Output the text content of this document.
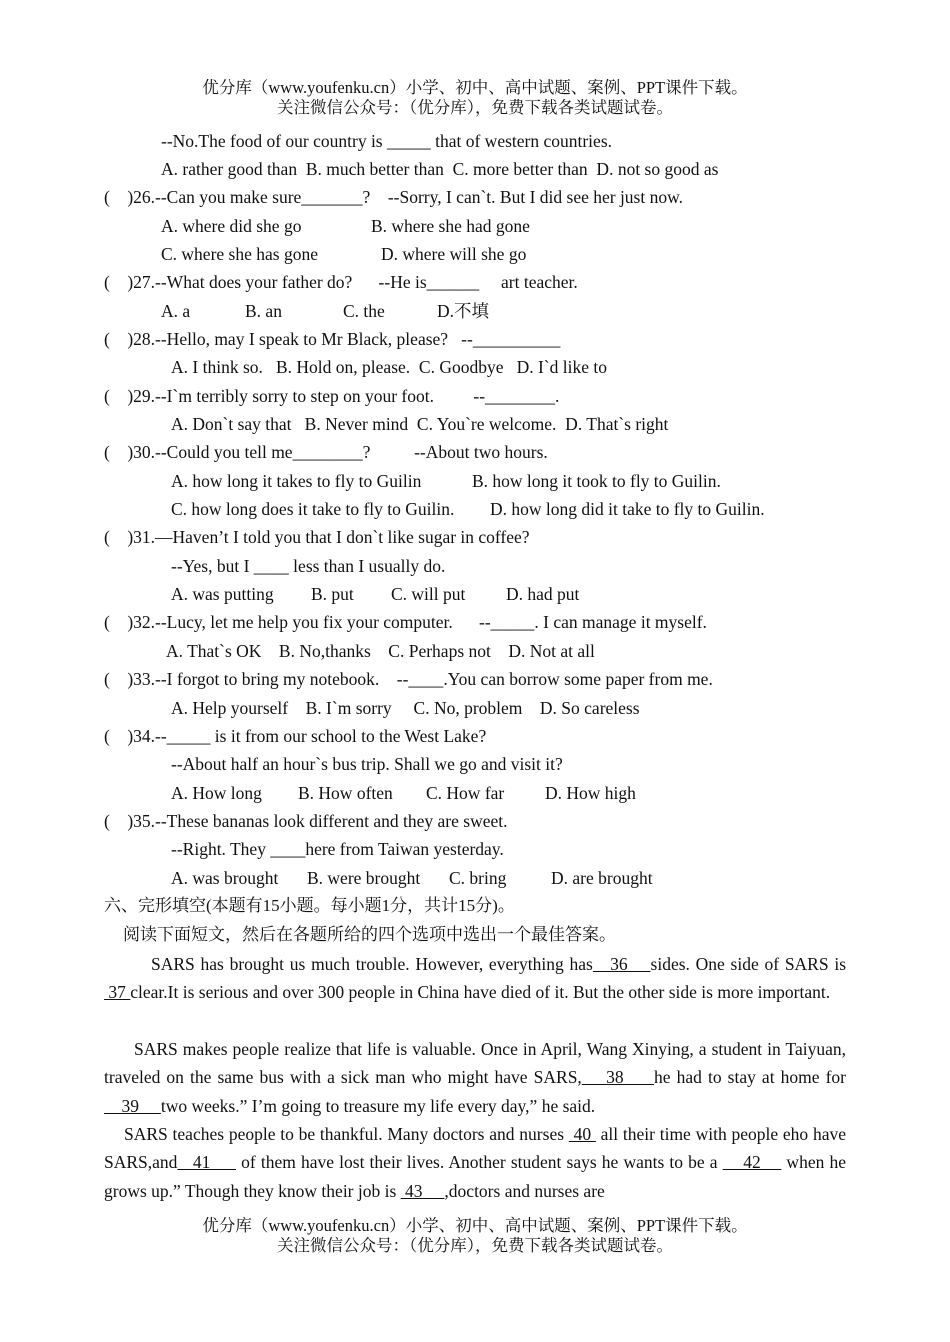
优分库（www.youfenku.cn）小学、初中、高中试题、案例、PPT课件下载。
关注微信公众号：（优分库），免费下载各类试题试卷。
--No.The food of our country is _____ that of western countries.
A. rather good than  B. much better than  C. more better than  D. not so good as
(    )26.--Can you make sure_______?    --Sorry, I can`t. But I did see her just now.
A. where did she go	B. where she had gone
C. where she has gone	D. where will she go
(    )27.--What does your father do?      --He is______     art teacher.
A. a	B. an	C. the	D.不填
(    )28.--Hello, may I speak to Mr Black, please?   --__________
A. I think so.   B. Hold on, please.  C. Goodbye   D. I`d like to
(    )29.--I`m terribly sorry to step on your foot.         --________.
A. Don`t say that   B. Never mind  C. You`re welcome.  D. That`s right
(    )30.--Could you tell me________?          --About two hours.
A. how long it takes to fly to Guilin	B. how long it took to fly to Guilin.
C. how long does it take to fly to Guilin. D. how long did it take to fly to Guilin.
(    )31.—Haven’t I told you that I don`t like sugar in coffee?
--Yes, but I ____ less than I usually do.
A. was putting B. put C. will put D. had put
(    )32.--Lucy, let me help you fix your computer.      --_____. I can manage it myself.
A. That`s OK    B. No,thanks    C. Perhaps not    D. Not at all
(    )33.--I forgot to bring my notebook.    --____.You can borrow some paper from me.
A. Help yourself    B. I`m sorry     C. No, problem    D. So careless
(    )34.--_____ is it from our school to the West Lake?
--About half an hour`s bus trip. Shall we go and visit it?
A. How long B. How often C. How far D. How high
(    )35.--These bananas look different and they are sweet.
--Right. They ____here from Taiwan yesterday.
A. was brought B. were brought C. bring	D. are brought
六、完形填空(本题有15小题。每小题1分，共计15分)。
阅读下面短文，然后在各题所给的四个选项中选出一个最佳答案。
SARS has brought us much trouble. However, everything has   36    sides. One side of SARS is  37 clear.It is serious and over 300 people in China have died of it. But the other side is more important.
SARS makes people realize that life is valuable. Once in April, Wang Xinying, a student in Taiyuan, traveled on the same bus with a sick man who might have SARS,    38     he had to stay at home for     39     two weeks.” I’m going to treasure my life every day,” he said.
SARS teaches people to be thankful. Many doctors and nurses  40  all their time with people eho have SARS,and   41      of them have lost their lives. Another student says he wants to be a     42     when he grows up.” Though they know their job is  43     ,doctors and nurses are
优分库（www.youfenku.cn）小学、初中、高中试题、案例、PPT课件下载。
关注微信公众号：（优分库），免费下载各类试题试卷。
